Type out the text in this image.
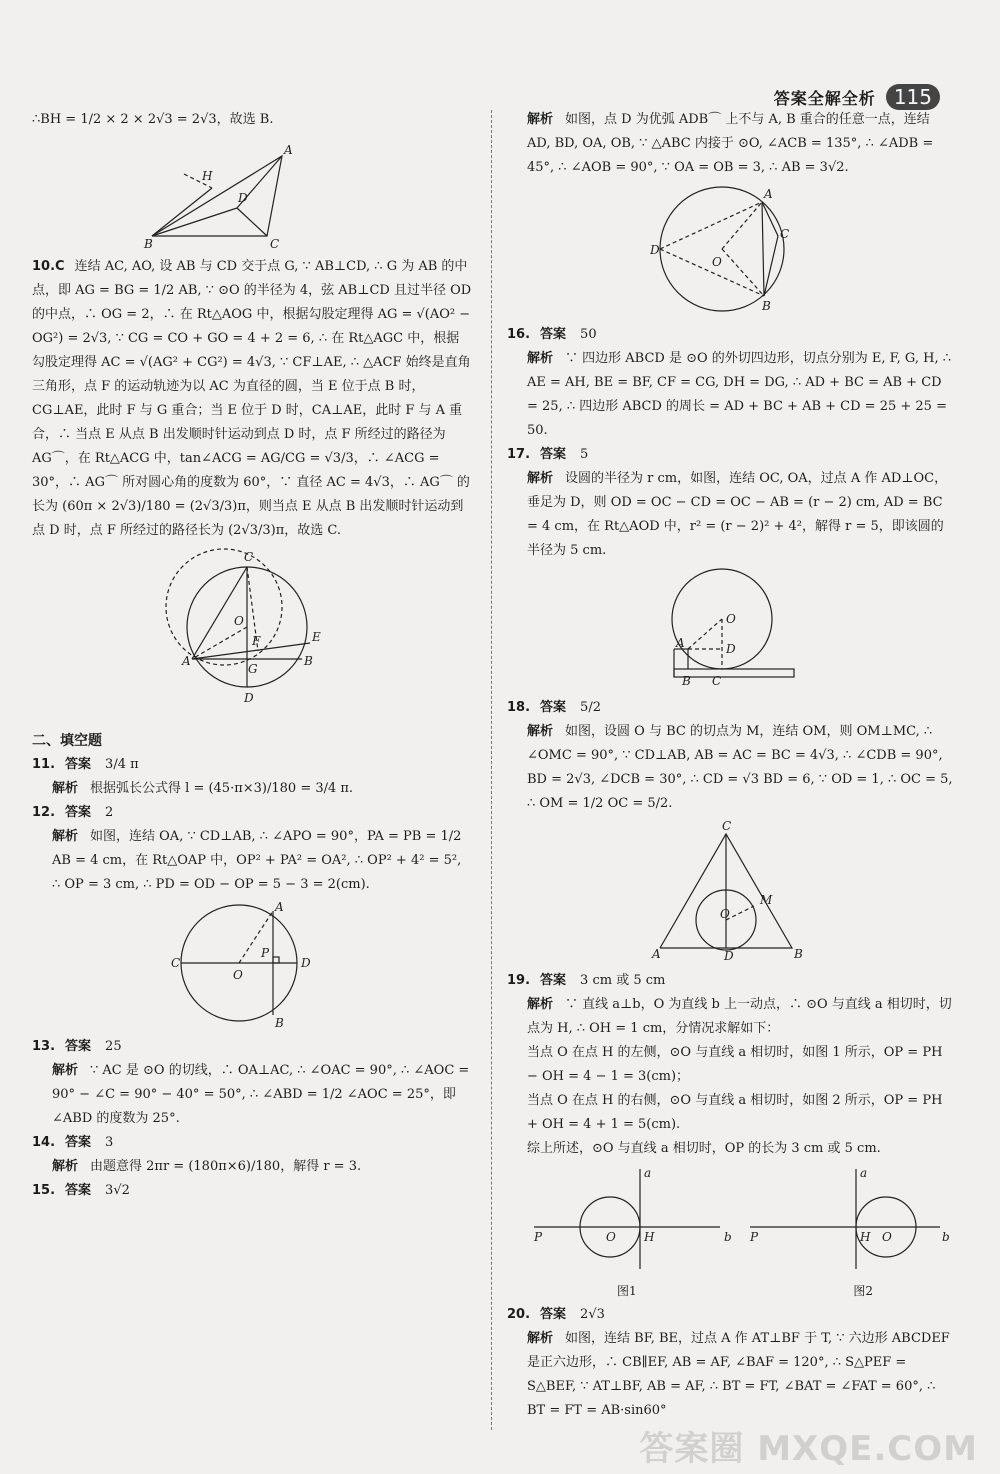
答案全解全析 115

∴BH = 1/2 × 2 × 2√3 = 2√3，故选 B.

B
A
C
D
H

10.C 连结 AC, AO, 设 AB 与 CD 交于点 G, ∵ AB⊥CD, ∴ G 为 AB 的中点，即 AG = BG = 1/2 AB, ∵ ⊙O 的半径为 4，弦 AB⊥CD 且过半径 OD 的中点，∴ OG = 2，∴ 在 Rt△AOG 中，根据勾股定理得 AG = √(AO² − OG²) = 2√3, ∵ CG = CO + GO = 4 + 2 = 6, ∴ 在 Rt△AGC 中，根据勾股定理得 AC = √(AG² + CG²) = 4√3, ∵ CF⊥AE, ∴ △ACF 始终是直角三角形，点 F 的运动轨迹为以 AC 为直径的圆，当 E 位于点 B 时，CG⊥AE，此时 F 与 G 重合；当 E 位于 D 时，CA⊥AE，此时 F 与 A 重合，∴ 当点 E 从点 B 出发顺时针运动到点 D 时，点 F 所经过的路径为 AG⌒，在 Rt△ACG 中，tan∠ACG = AG/CG = √3/3，∴ ∠ACG = 30°，∴ AG⌒ 所对圆心角的度数为 60°，∵ 直径 AC = 4√3，∴ AG⌒ 的长为 (60π × 2√3)/180 = (2√3/3)π，则当点 E 从点 B 出发顺时针运动到点 D 时，点 F 所经过的路径长为 (2√3/3)π，故选 C.

C
A	B
E
D
O
F
G
二、填空题
11. 答案 3/4 π
解析 根据弧长公式得 l = (45·π×3)/180 = 3/4 π.
12. 答案 2
解析 如图，连结 OA, ∵ CD⊥AB, ∴ ∠APO = 90°，PA = PB = 1/2 AB = 4 cm，在 Rt△OAP 中，OP² + PA² = OA², ∴ OP² + 4² = 5², ∴ OP = 3 cm, ∴ PD = OD − OP = 5 − 3 = 2(cm).
C	D
O
P
A
B
13. 答案 25
解析 ∵ AC 是 ⊙O 的切线，∴ OA⊥AC, ∴ ∠OAC = 90°, ∴ ∠AOC = 90° − ∠C = 90° − 40° = 50°, ∴ ∠ABD = 1/2 ∠AOC = 25°，即 ∠ABD 的度数为 25°.
14. 答案 3
解析 由题意得 2πr = (180π×6)/180，解得 r = 3.
15. 答案 3√2
解析 如图，点 D 为优弧 ADB⌒ 上不与 A, B 重合的任意一点，连结 AD, BD, OA, OB, ∵ △ABC 内接于 ⊙O, ∠ACB = 135°, ∴ ∠ADB = 45°, ∴ ∠AOB = 90°, ∵ OA = OB = 3, ∴ AB = 3√2.
D
A
C
B
O
16. 答案 50
解析 ∵ 四边形 ABCD 是 ⊙O 的外切四边形，切点分别为 E, F, G, H, ∴ AE = AH, BE = BF, CF = CG, DH = DG, ∴ AD + BC = AB + CD = 25, ∴ 四边形 ABCD 的周长 = AD + BC + AB + CD = 25 + 25 = 50.
17. 答案 5
解析 设圆的半径为 r cm，如图，连结 OC, OA，过点 A 作 AD⊥OC，垂足为 D，则 OD = OC − CD = OC − AB = (r − 2) cm, AD = BC = 4 cm，在 Rt△AOD 中，r² = (r − 2)² + 4²，解得 r = 5，即该圆的半径为 5 cm.
O
D
A
B C
18. 答案 5/2
解析 如图，设圆 O 与 BC 的切点为 M，连结 OM，则 OM⊥MC, ∴ ∠OMC = 90°, ∵ CD⊥AB, AB = AC = BC = 4√3, ∴ ∠CDB = 90°, BD = 2√3, ∠DCB = 30°, ∴ CD = √3 BD = 6, ∵ OD = 1, ∴ OC = 5, ∴ OM = 1/2 OC = 5/2.
C
A	B
D
O
M
19. 答案 3 cm 或 5 cm
解析 ∵ 直线 a⊥b，O 为直线 b 上一动点，∴ ⊙O 与直线 a 相切时，切点为 H, ∴ OH = 1 cm，分情况求解如下：
当点 O 在点 H 的左侧，⊙O 与直线 a 相切时，如图 1 所示，OP = PH − OH = 4 − 1 = 3(cm)；
当点 O 在点 H 的右侧，⊙O 与直线 a 相切时，如图 2 所示，OP = PH + OH = 4 + 1 = 5(cm).
综上所述，⊙O 与直线 a 相切时，OP 的长为 3 cm 或 5 cm.
P	O H	b
a
P	H O	b
a
图1	图2
20. 答案 2√3
解析 如图，连结 BF, BE，过点 A 作 AT⊥BF 于 T, ∵ 六边形 ABCDEF 是正六边形，∴ CB∥EF, AB = AF, ∠BAF = 120°, ∴ S△PEF = S△BEF, ∵ AT⊥BF, AB = AF, ∴ BT = FT, ∠BAT = ∠FAT = 60°, ∴ BT = FT = AB·sin60°
答案圈 MXQE.COM
